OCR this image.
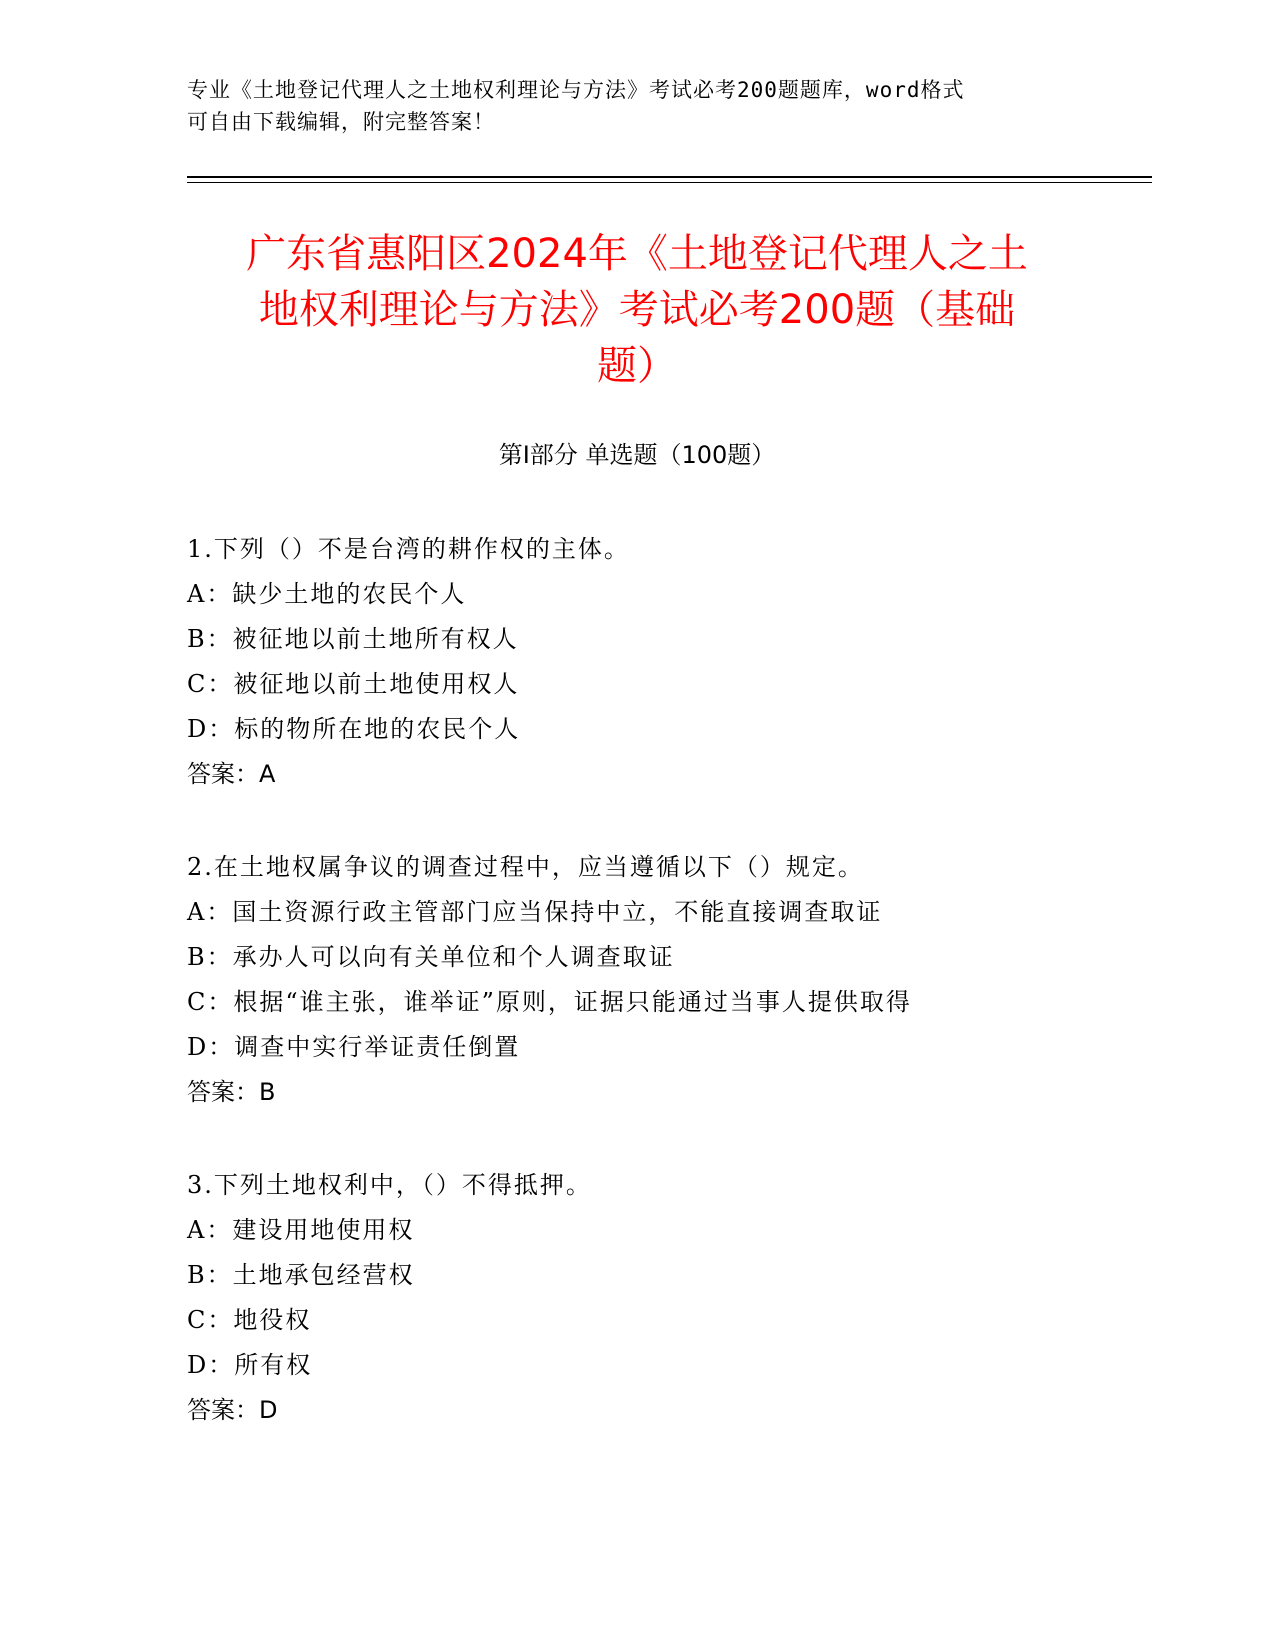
专业《土地登记代理人之土地权利理论与方法》考试必考200题题库，word格式
可自由下载编辑，附完整答案！
广东省惠阳区2024年《土地登记代理人之土
地权利理论与方法》考试必考200题（基础
题）
第Ⅰ部分 单选题（100题）
1.下列（）不是台湾的耕作权的主体。
A：缺少土地的农民个人
B：被征地以前土地所有权人
C：被征地以前土地使用权人
D：标的物所在地的农民个人
答案：A
2.在土地权属争议的调查过程中，应当遵循以下（）规定。
A：国土资源行政主管部门应当保持中立，不能直接调查取证
B：承办人可以向有关单位和个人调查取证
C：根据“谁主张，谁举证”原则，证据只能通过当事人提供取得
D：调查中实行举证责任倒置
答案：B
3.下列土地权利中，（）不得抵押。
A：建设用地使用权
B：土地承包经营权
C：地役权
D：所有权
答案：D
